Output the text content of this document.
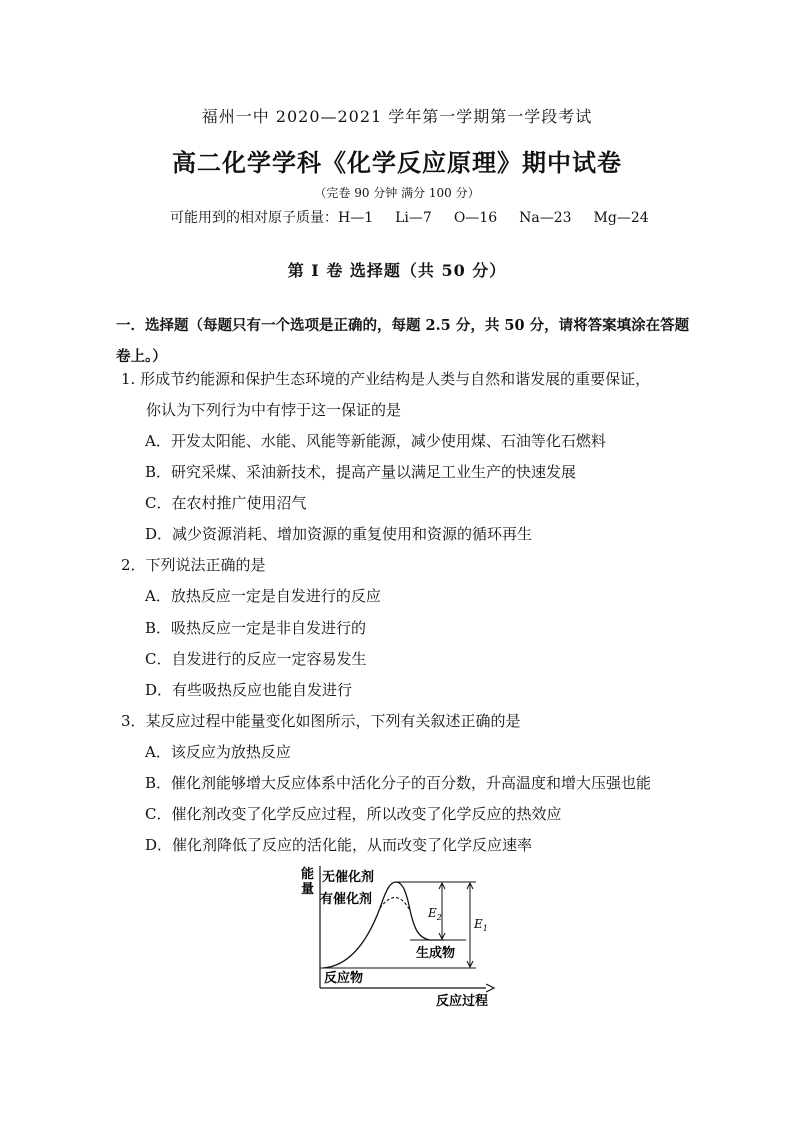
福州一中 2020—2021 学年第一学期第一学段考试
高二化学学科《化学反应原理》期中试卷
（完卷 90 分钟 满分 100 分）
可能用到的相对原子质量：H—1 Li—7 O—16 Na—23 Mg—24
第 I 卷 选择题（共 50 分）
一．选择题（每题只有一个选项是正确的，每题 2.5 分，共 50 分，请将答案填涂在答题卷上。）
1. 形成节约能源和保护生态环境的产业结构是人类与自然和谐发展的重要保证，
你认为下列行为中有悖于这一保证的是
A．开发太阳能、水能、风能等新能源，减少使用煤、石油等化石燃料
B．研究采煤、采油新技术，提高产量以满足工业生产的快速发展
C．在农村推广使用沼气
D．减少资源消耗、增加资源的重复使用和资源的循环再生
2．下列说法正确的是
A．放热反应一定是自发进行的反应
B．吸热反应一定是非自发进行的
C．自发进行的反应一定容易发生
D．有些吸热反应也能自发进行
3．某反应过程中能量变化如图所示，下列有关叙述正确的是
A．该反应为放热反应
B．催化剂能够增大反应体系中活化分子的百分数，升高温度和增大压强也能
C．催化剂改变了化学反应过程，所以改变了化学反应的热效应
D．催化剂降低了反应的活化能，从而改变了化学反应速率
能
量
$E_2$	$E_1$
无催化剂
有催化剂
生成物
反应物
反应过程
